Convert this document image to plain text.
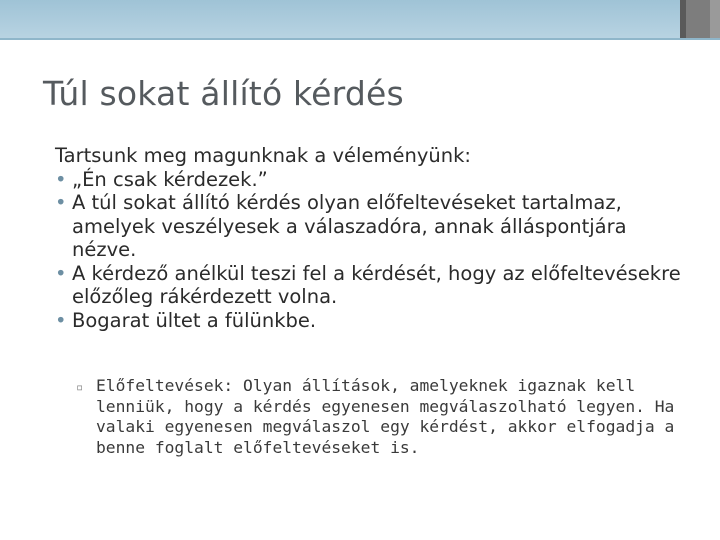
Túl sokat állító kérdés
Tartsunk meg magunknak a véleményünk:
• „Én csak kérdezek.”
• A túl sokat állító kérdés olyan előfeltevéseket tartalmaz, amelyek veszélyesek a válaszadóra, annak álláspontjára nézve.
• A kérdező anélkül teszi fel a kérdését, hogy az előfeltevésekre előzőleg rákérdezett volna.
• Bogarat ültet a fülünkbe.
▫ Előfeltevések: Olyan állítások, amelyeknek igaznak kell lenniük, hogy a kérdés egyenesen megválaszolható legyen. Ha valaki egyenesen megválaszol egy kérdést, akkor elfogadja a benne foglalt előfeltevéseket is.
